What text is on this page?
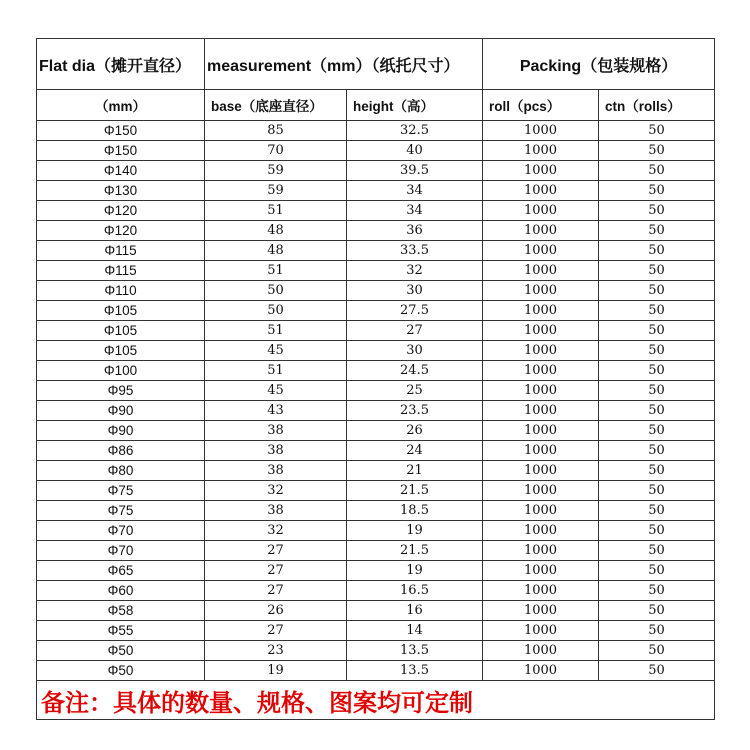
Flat dia（摊开直径）	measurement（mm）（纸托尺寸）		Packing（包装规格）	
（mm）	base（底座直径）	height（高）	roll（pcs）	ctn（rolls）
Φ150	85	32.5	1000	50
Φ150	70	40	1000	50
Φ140	59	39.5	1000	50
Φ130	59	34	1000	50
Φ120	51	34	1000	50
Φ120	48	36	1000	50
Φ115	48	33.5	1000	50
Φ115	51	32	1000	50
Φ110	50	30	1000	50
Φ105	50	27.5	1000	50
Φ105	51	27	1000	50
Φ105	45	30	1000	50
Φ100	51	24.5	1000	50
Φ95	45	25	1000	50
Φ90	43	23.5	1000	50
Φ90	38	26	1000	50
Φ86	38	24	1000	50
Φ80	38	21	1000	50
Φ75	32	21.5	1000	50
Φ75	38	18.5	1000	50
Φ70	32	19	1000	50
Φ70	27	21.5	1000	50
Φ65	27	19	1000	50
Φ60	27	16.5	1000	50
Φ58	26	16	1000	50
Φ55	27	14	1000	50
Φ50	23	13.5	1000	50
Φ50	19	13.5	1000	50
备注：具体的数量、规格、图案均可定制				
